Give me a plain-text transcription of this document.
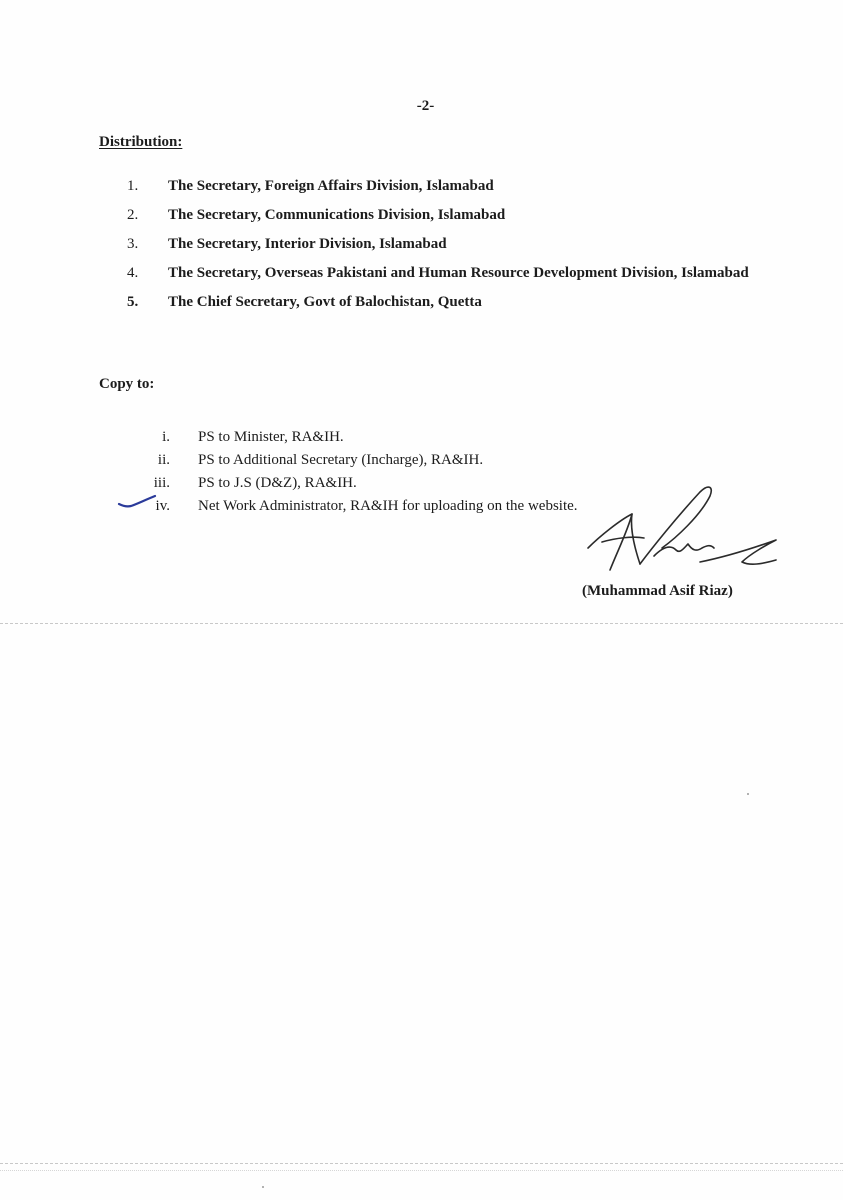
-2-
Distribution:
1.	The Secretary, Foreign Affairs Division, Islamabad
2.	The Secretary, Communications Division, Islamabad
3.	The Secretary, Interior Division, Islamabad
4.	The Secretary, Overseas Pakistani and Human Resource Development Division, Islamabad
5.	The Chief Secretary, Govt of Balochistan, Quetta
Copy to:
i.	PS to Minister, RA&IH.
ii.	PS to Additional Secretary (Incharge), RA&IH.
iii.	PS to J.S (D&Z), RA&IH.
iv.	Net Work Administrator, RA&IH for uploading on the website.
(Muhammad Asif Riaz)
